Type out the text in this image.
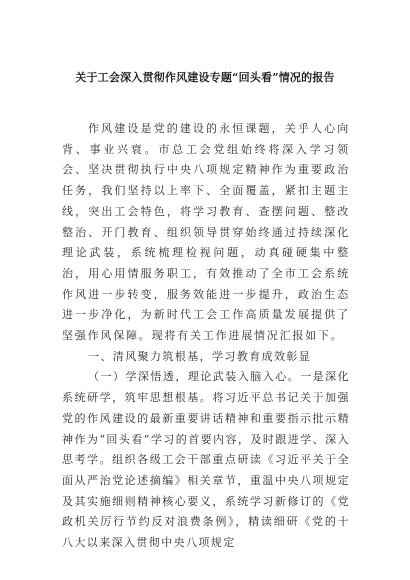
关于工会深入贯彻作风建设专题“回头看”情况的报告

作风建设是党的建设的永恒课题，关乎人心向背、事业兴衰。市总工会党组始终将深入学习领会、坚决贯彻执行中央八项规定精神作为重要政治任务，我们坚持以上率下、全面覆盖，紧扣主题主线，突出工会特色，将学习教育、查摆问题、整改整治、开门教育、组织领导贯穿始终通过持续深化理论武装，系统梳理检视问题，动真碰硬集中整治，用心用情服务职工，有效推动了全市工会系统作风进一步转变，服务效能进一步提升，政治生态进一步净化，为新时代工会工作高质量发展提供了坚强作风保障。现将有关工作进展情况汇报如下。

一、清风聚力筑根基，学习教育成效彰显

（一）学深悟透，理论武装入脑入心。一是深化系统研学，筑牢思想根基。将习近平总书记关于加强党的作风建设的最新重要讲话精神和重要指示批示精神作为“回头看”学习的首要内容，及时跟进学、深入思考学。组织各级工会干部重点研读《习近平关于全面从严治党论述摘编》相关章节，重温中央八项规定及其实施细则精神核心要义，系统学习新修订的《党政机关厉行节约反对浪费条例》，精读细研《党的十八大以来深入贯彻中央八项规定
